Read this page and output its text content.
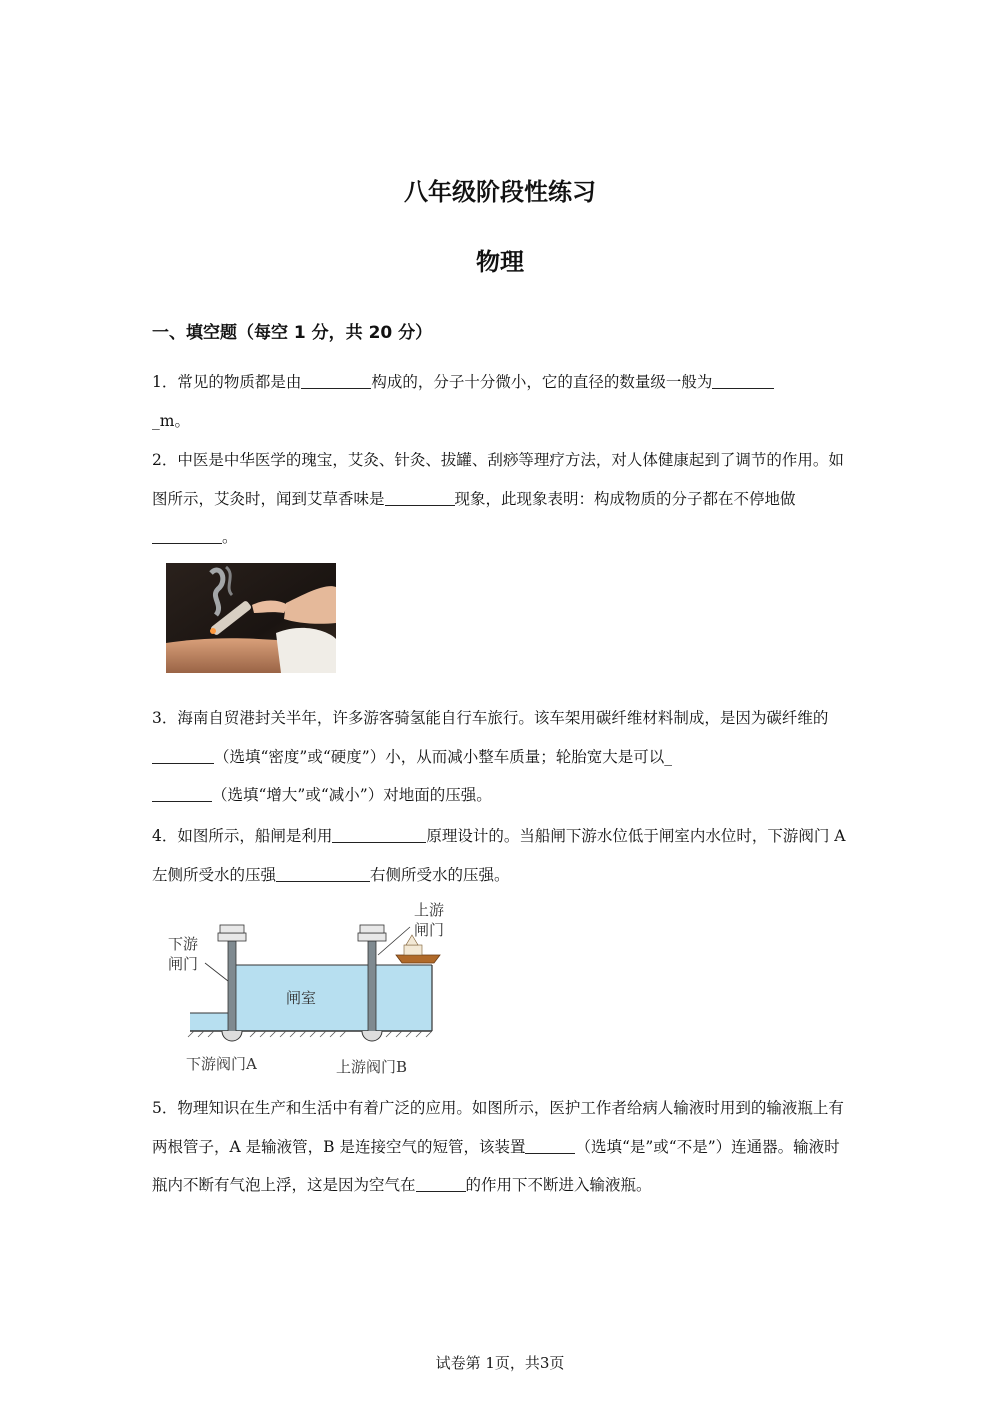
八年级阶段性练习
物理
一、填空题（每空 1 分，共 20 分）

1．常见的物质都是由	构成的，分子十分微小，它的直径的数量级一般为
_m。

2．中医是中华医学的瑰宝，艾灸、针灸、拔罐、刮痧等理疗方法，对人体健康起到了调节的作用。如图所示，艾灸时，闻到艾草香味是	现象，此现象表明：构成物质的分子都在不停地做。

3．海南自贸港封关半年，许多游客骑氢能自行车旅行。该车架用碳纤维材料制成，是因为碳纤维的（选填“密度”或“硬度”）小，从而减小整车质量；轮胎宽大是可以_
（选填“增大”或“减小”）对地面的压强。

4．如图所示，船闸是利用	原理设计的。当船闸下游水位低于闸室内水位时，下游阀门 A 左侧所受水的压强	右侧所受水的压强。

下游
闸门
上游
闸门
闸室
下游阀门A	上游阀门B

5．物理知识在生产和生活中有着广泛的应用。如图所示，医护工作者给病人输液时用到的输液瓶上有两根管子，A 是输液管，B 是连接空气的短管，该装置	（选填“是”或“不是”）连通器。输液时瓶内不断有气泡上浮，这是因为空气在	的作用下不断进入输液瓶。

试卷第 1页，共3页
